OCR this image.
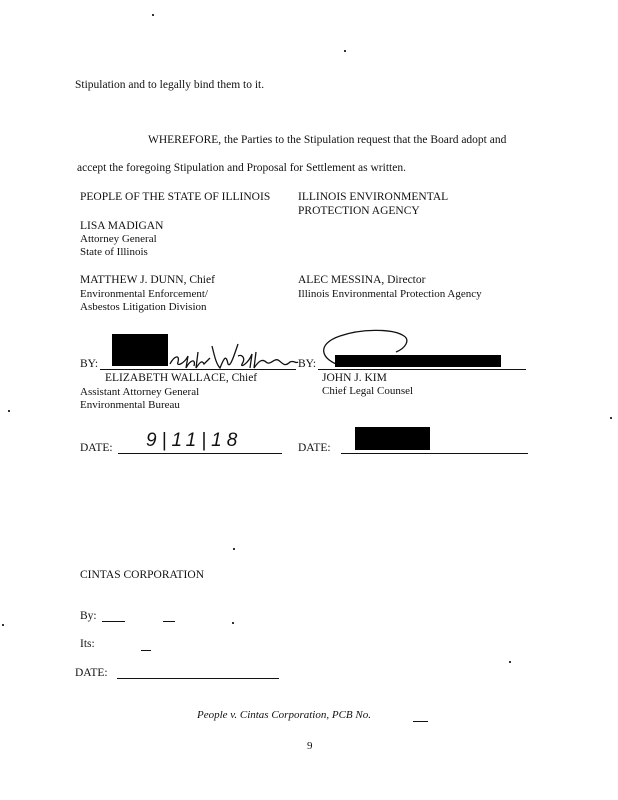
Stipulation and to legally bind them to it.
WHEREFORE, the Parties to the Stipulation request that the Board adopt and
accept the foregoing Stipulation and Proposal for Settlement as written.
PEOPLE OF THE STATE OF ILLINOIS
LISA MADIGAN
Attorney General
State of Illinois
MATTHEW J. DUNN, Chief
Environmental Enforcement/
Asbestos Litigation Division
ILLINOIS ENVIRONMENTAL
PROTECTION AGENCY
ALEC MESSINA, Director
Illinois Environmental Protection Agency
BY:
ELIZABETH WALLACE, Chief
Assistant Attorney General
Environmental Bureau
BY:
JOHN J. KIM
Chief Legal Counsel
DATE: 9|11|18	DATE:
CINTAS CORPORATION
By:
Its:
DATE:
People v. Cintas Corporation, PCB No.
9
